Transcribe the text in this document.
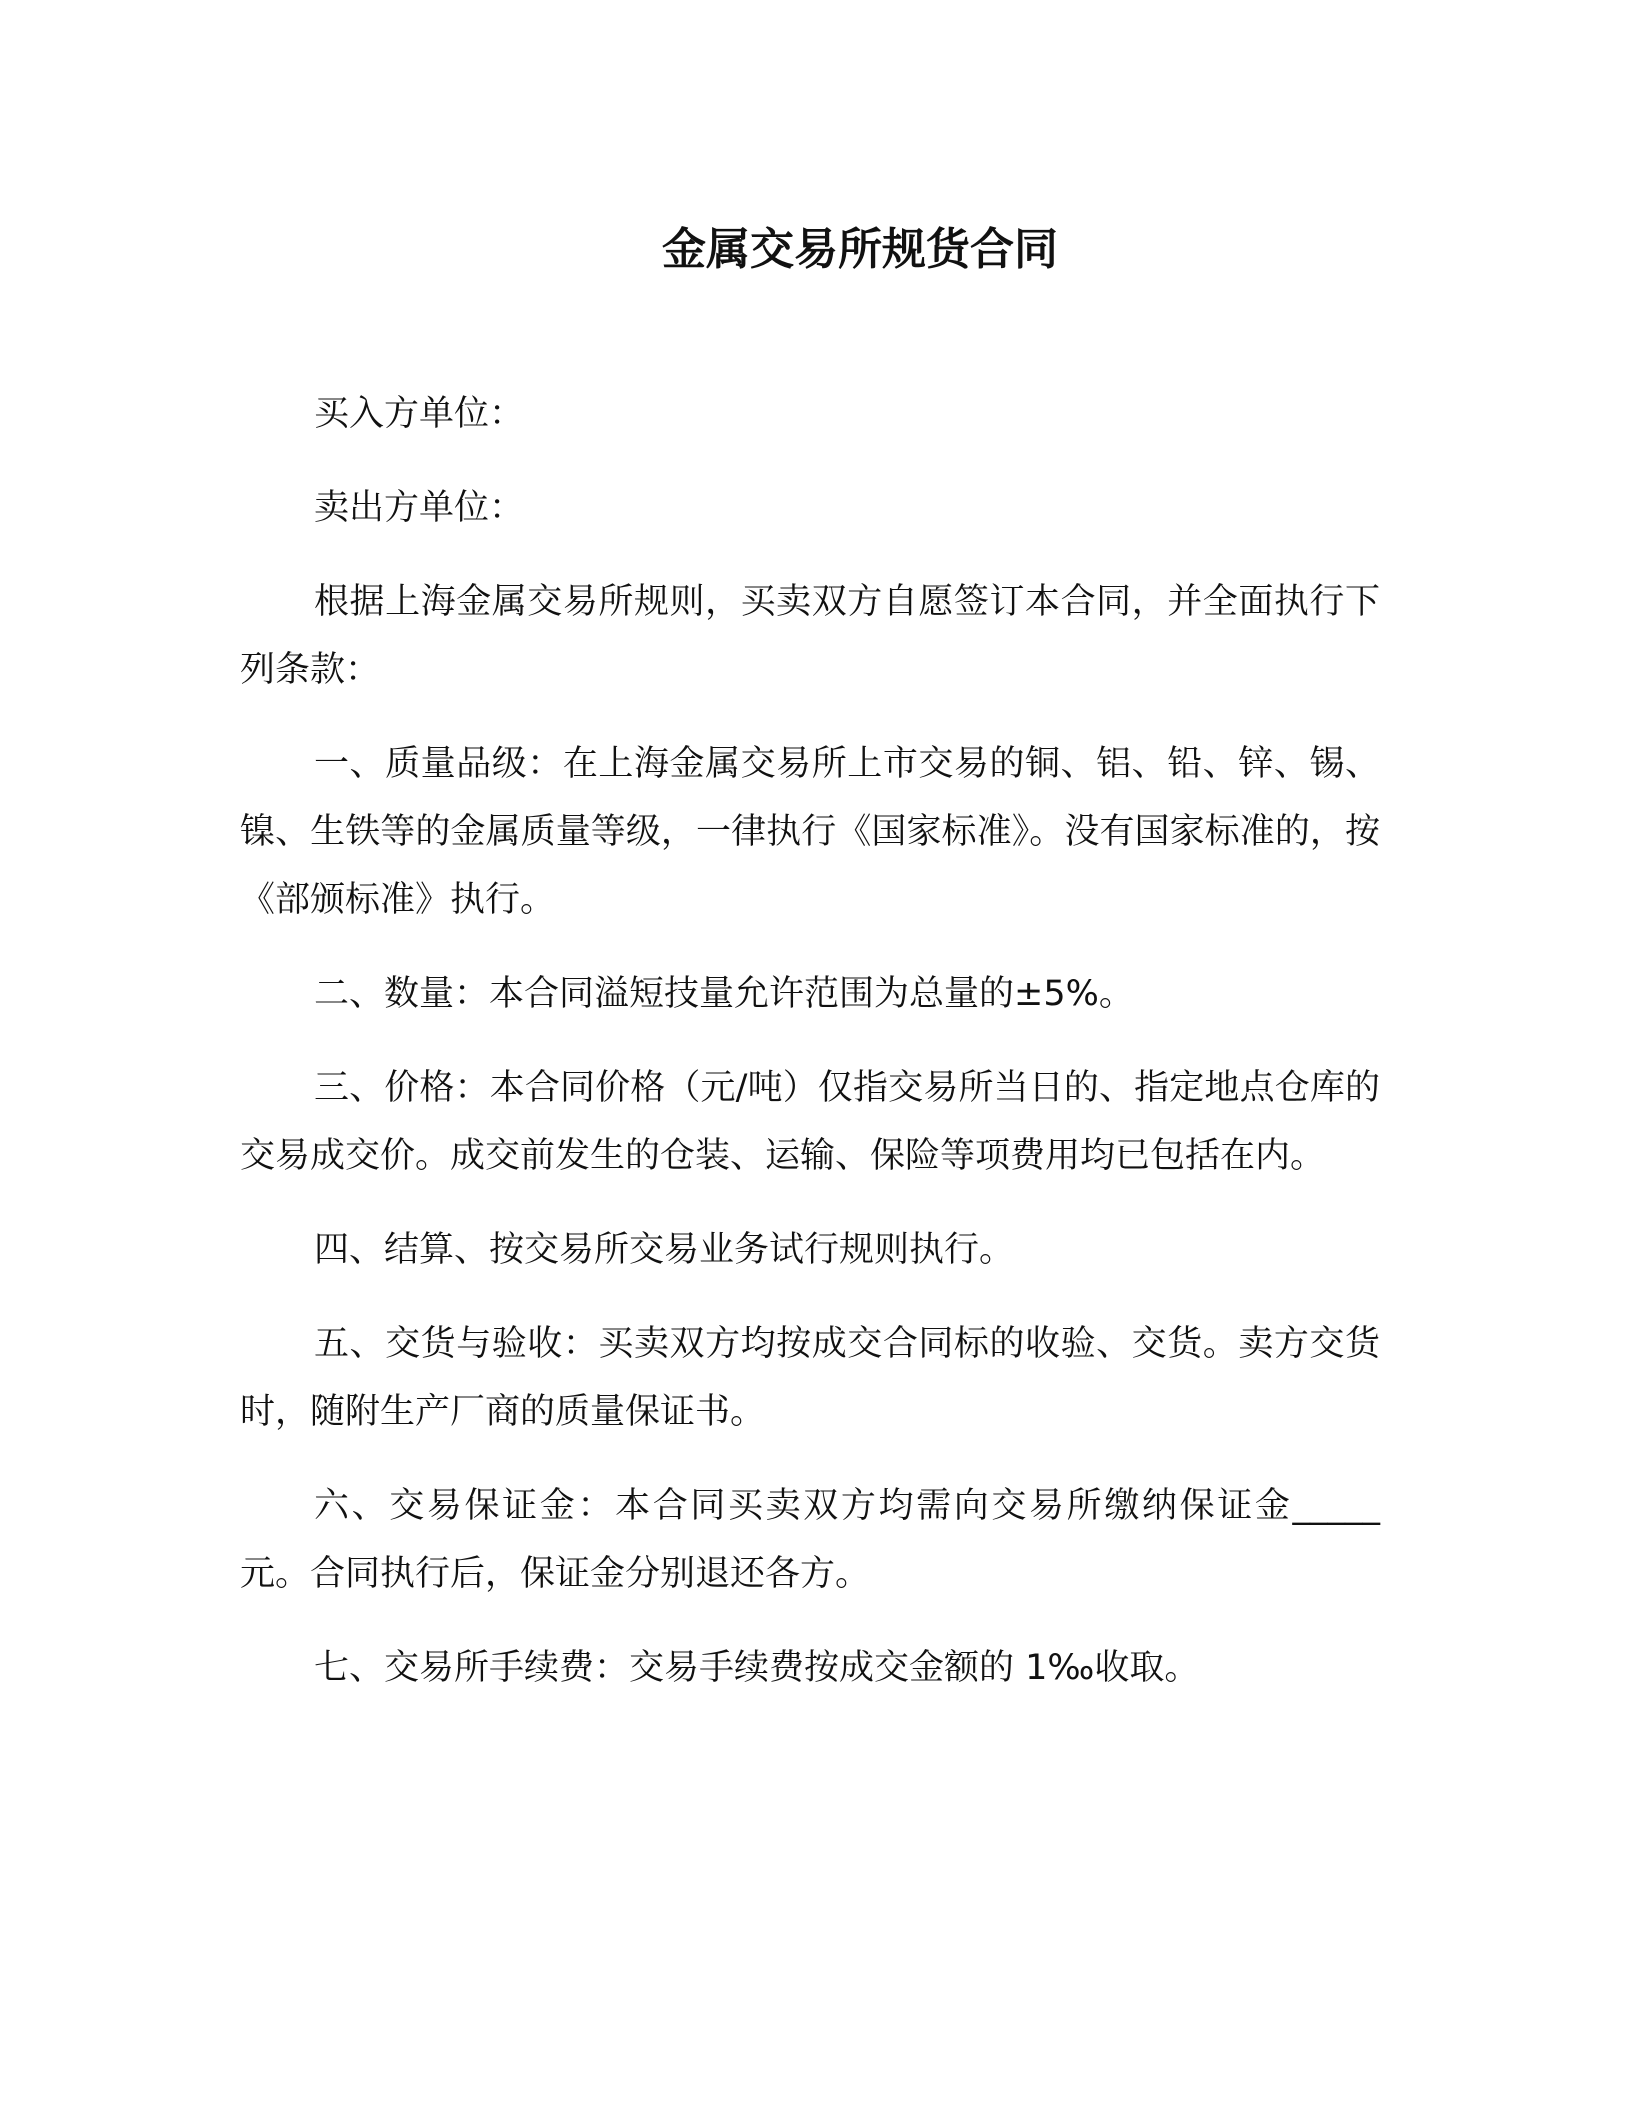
金属交易所规货合同

买入方单位：

卖出方单位：

根据上海金属交易所规则，买卖双方自愿签订本合同，并全面执行下列条款：

一、质量品级：在上海金属交易所上市交易的铜、铝、铅、锌、锡、镍、生铁等的金属质量等级，一律执行《国家标准》。没有国家标准的，按《部颁标准》执行。

二、数量：本合同溢短技量允许范围为总量的±5%。

三、价格：本合同价格（元/吨）仅指交易所当日的、指定地点仓库的交易成交价。成交前发生的仓装、运输、保险等项费用均已包括在内。

四、结算、按交易所交易业务试行规则执行。

五、交货与验收：买卖双方均按成交合同标的收验、交货。卖方交货时，随附生产厂商的质量保证书。

六、交易保证金：本合同买卖双方均需向交易所缴纳保证金_____元。合同执行后，保证金分别退还各方。

七、交易所手续费：交易手续费按成交金额的 1‰收取。
